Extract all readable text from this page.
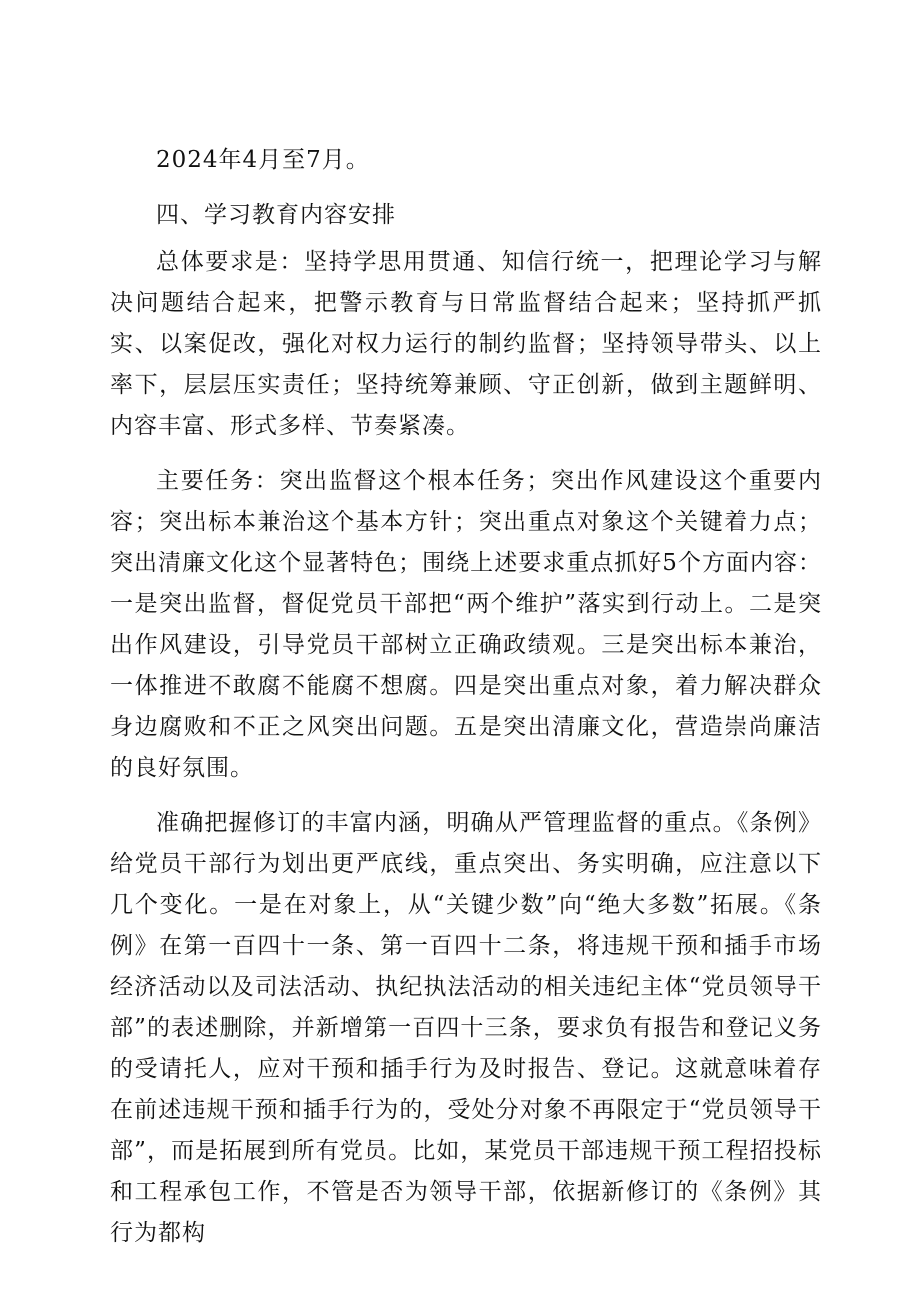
2024年4月至7月。

四、学习教育内容安排

总体要求是：坚持学思用贯通、知信行统一，把理论学习与解决问题结合起来，把警示教育与日常监督结合起来；坚持抓严抓实、以案促改，强化对权力运行的制约监督；坚持领导带头、以上率下，层层压实责任；坚持统筹兼顾、守正创新，做到主题鲜明、内容丰富、形式多样、节奏紧凑。

主要任务：突出监督这个根本任务；突出作风建设这个重要内容；突出标本兼治这个基本方针；突出重点对象这个关键着力点；突出清廉文化这个显著特色；围绕上述要求重点抓好5个方面内容：一是突出监督，督促党员干部把“两个维护”落实到行动上。二是突出作风建设，引导党员干部树立正确政绩观。三是突出标本兼治，一体推进不敢腐不能腐不想腐。四是突出重点对象，着力解决群众身边腐败和不正之风突出问题。五是突出清廉文化，营造崇尚廉洁的良好氛围。

准确把握修订的丰富内涵，明确从严管理监督的重点。《条例》给党员干部行为划出更严底线，重点突出、务实明确，应注意以下几个变化。一是在对象上，从“关键少数”向“绝大多数”拓展。《条例》在第一百四十一条、第一百四十二条，将违规干预和插手市场经济活动以及司法活动、执纪执法活动的相关违纪主体“党员领导干部”的表述删除，并新增第一百四十三条，要求负有报告和登记义务的受请托人，应对干预和插手行为及时报告、登记。这就意味着存在前述违规干预和插手行为的，受处分对象不再限定于“党员领导干部”，而是拓展到所有党员。比如，某党员干部违规干预工程招投标和工程承包工作，不管是否为领导干部，依据新修订的《条例》其行为都构
